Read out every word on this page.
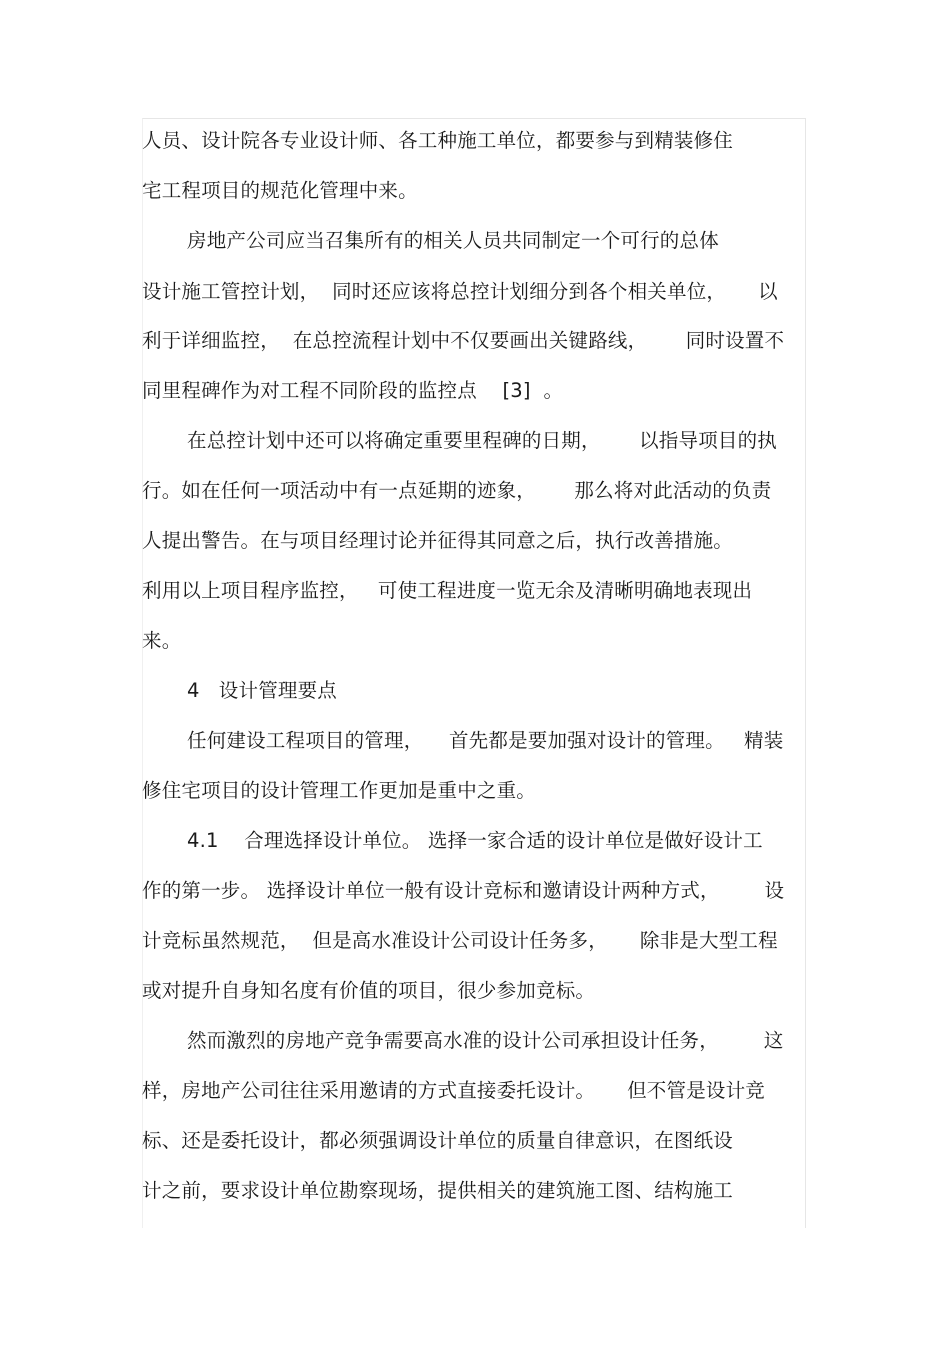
人员、设计院各专业设计师、各工种施工单位，都要参与到精装修住
宅工程项目的规范化管理中来。
房地产公司应当召集所有的相关人员共同制定一个可行的总体
设计施工管控计划，  同时还应该将总控计划细分到各个相关单位，     以
利于详细监控，  在总控流程计划中不仅要画出关键路线，      同时设置不
同里程碑作为对工程不同阶段的监控点    [3]  。
在总控计划中还可以将确定重要里程碑的日期，      以指导项目的执
行。如在任何一项活动中有一点延期的迹象，      那么将对此活动的负责
人提出警告。在与项目经理讨论并征得其同意之后，执行改善措施。
利用以上项目程序监控，   可使工程进度一览无余及清晰明确地表现出
来。
4   设计管理要点
任何建设工程项目的管理，    首先都是要加强对设计的管理。   精装
修住宅项目的设计管理工作更加是重中之重。
4.1    合理选择设计单位。 选择一家合适的设计单位是做好设计工
作的第一步。 选择设计单位一般有设计竞标和邀请设计两种方式，       设
计竞标虽然规范，  但是高水准设计公司设计任务多，     除非是大型工程
或对提升自身知名度有价值的项目，很少参加竞标。
然而激烈的房地产竞争需要高水准的设计公司承担设计任务，       这
样，房地产公司往往采用邀请的方式直接委托设计。     但不管是设计竞
标、还是委托设计，都必须强调设计单位的质量自律意识，在图纸设
计之前，要求设计单位勘察现场，提供相关的建筑施工图、结构施工
